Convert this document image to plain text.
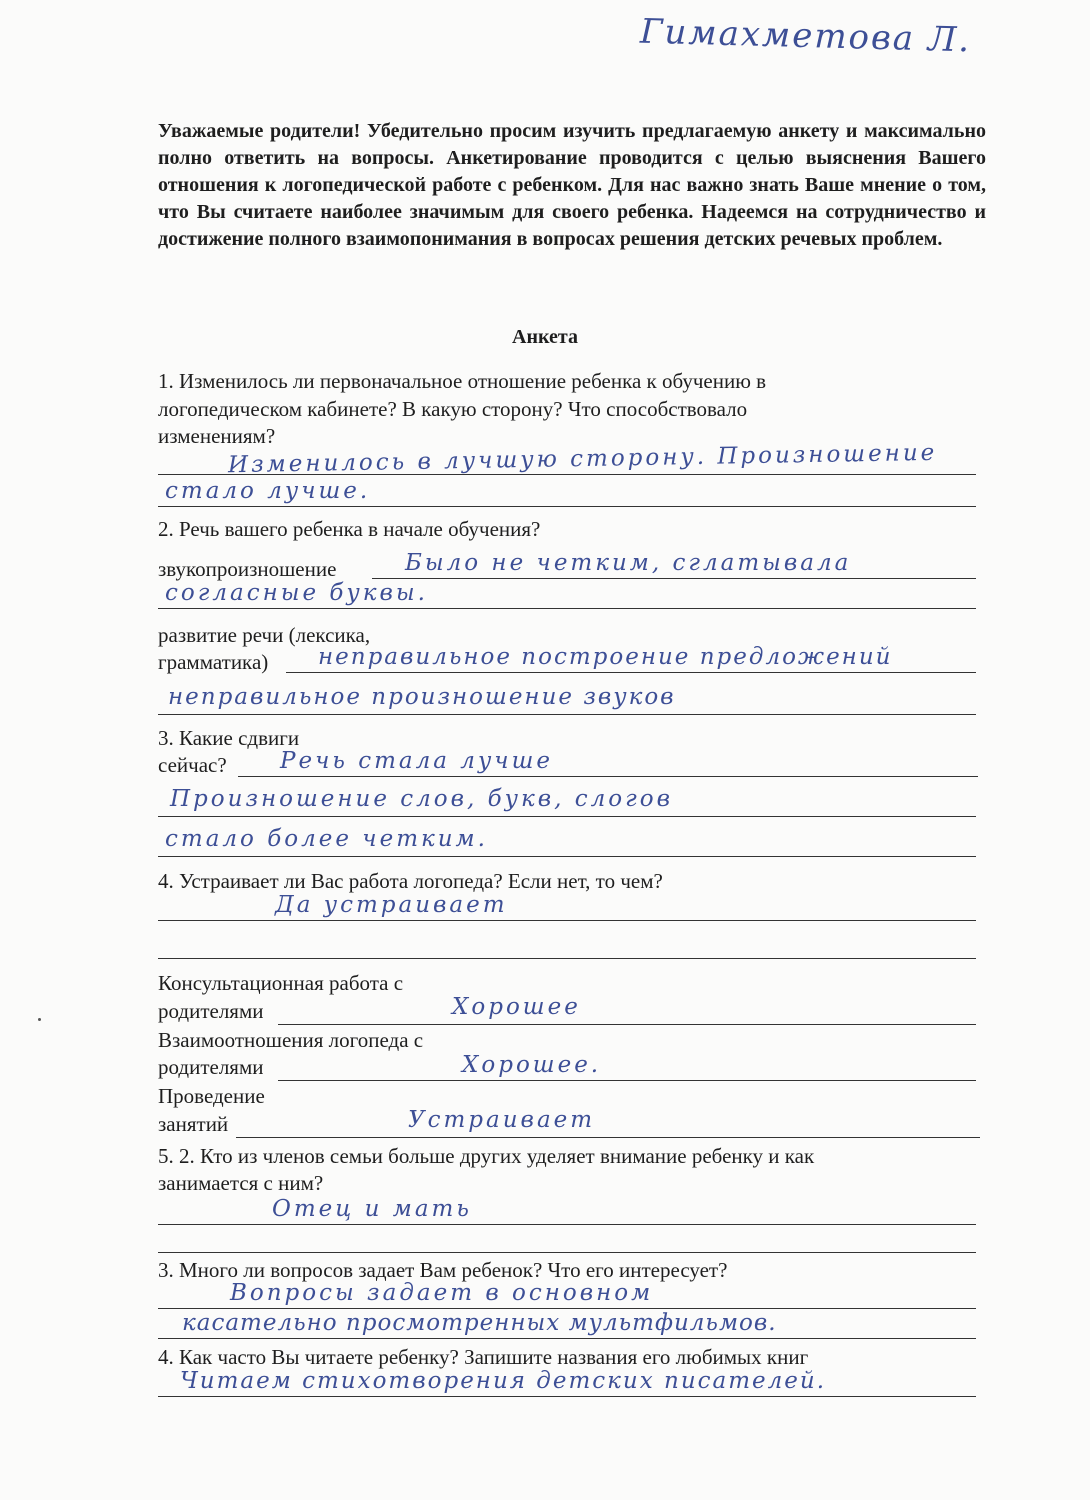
Гимахметова Л.
Уважаемые родители! Убедительно просим изучить предлагаемую анкету и максимально полно ответить на вопросы. Анкетирование проводится с целью выяснения Вашего отношения к логопедической работе с ребенком. Для нас важно знать Ваше мнение о том, что Вы считаете наиболее значимым для своего ребенка. Надеемся на сотрудничество и достижение полного взаимопонимания в вопросах решения детских речевых проблем.
Анкета
1. Изменилось ли первоначальное отношение ребенка к обучению в
логопедическом кабинете? В какую сторону? Что способствовало
изменениям?
Изменилось в лучшую сторону. Произношение
стало лучше.
2. Речь вашего ребенка в начале обучения?
звукопроизношение	Было не четким, сглатывала
согласные буквы.
развитие речи (лексика,
грамматика) неправильное построение предложений
неправильное произношение звуков
3. Какие сдвиги
сейчас? Речь стала лучше
Произношение слов, букв, слогов
стало более четким.
4. Устраивает ли Вас работа логопеда? Если нет, то чем?
Да устраивает
Консультационная работа с
родителями	Хорошее
Взаимоотношения логопеда с
родителями	Хорошее.
Проведение
занятий	Устраивает
5. 2. Кто из членов семьи больше других уделяет внимание ребенку и как
занимается с ним?
Отец и мать
3. Много ли вопросов задает Вам ребенок? Что его интересует?
Вопросы задает в основном
касательно просмотренных мультфильмов.
4. Как часто Вы читаете ребенку? Запишите названия его любимых книг
Читаем стихотворения детских писателей.
